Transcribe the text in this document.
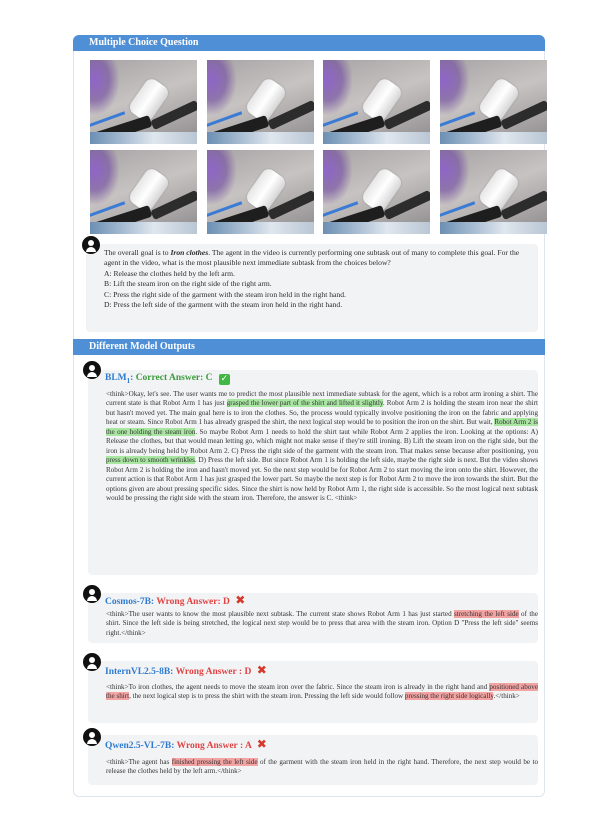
Multiple Choice Question

The overall goal is to Iron clothes. The agent in the video is currently performing one subtask out of many to complete this goal. For the agent in the video, what is the most plausible next immediate subtask from the choices below?

A: Release the clothes held by the left arm.

B: Lift the steam iron on the right side of the right arm.

C: Press the right side of the garment with the steam iron held in the right hand.

D: Press the left side of the garment with the steam iron held in the right hand.

Different Model Outputs
$BLM_1$: Correct Answer: C ✓
<think>Okay, let's see. The user wants me to predict the most plausible next immediate subtask for the agent, which is a robot arm ironing a shirt. The current state is that Robot Arm 1 has just grasped the lower part of the shirt and lifted it slightly. Robot Arm 2 is holding the steam iron near the shirt but hasn't moved yet. The main goal here is to iron the clothes. So, the process would typically involve positioning the iron on the fabric and applying heat or steam. Since Robot Arm 1 has already grasped the shirt, the next logical step would be to position the iron on the shirt. But wait, Robot Arm 2 is the one holding the steam iron. So maybe Robot Arm 1 needs to hold the shirt taut while Robot Arm 2 applies the iron. Looking at the options: A) Release the clothes, but that would mean letting go, which might not make sense if they're still ironing. B) Lift the steam iron on the right side, but the iron is already being held by Robot Arm 2. C) Press the right side of the garment with the steam iron. That makes sense because after positioning, you press down to smooth wrinkles. D) Press the left side. But since Robot Arm 1 is holding the left side, maybe the right side is next. But the video shows Robot Arm 2 is holding the iron and hasn't moved yet. So the next step would be for Robot Arm 2 to start moving the iron onto the shirt. However, the current action is that Robot Arm 1 has just grasped the lower part. So maybe the next step is for Robot Arm 2 to move the iron towards the shirt. But the options given are about pressing specific sides. Since the shirt is now held by Robot Arm 1, the right side is accessible. So the most logical next subtask would be pressing the right side with the steam iron. Therefore, the answer is C. <think>
Cosmos-7B: Wrong Answer: D ✖
<think>The user wants to know the most plausible next subtask. The current state shows Robot Arm 1 has just started stretching the left side of the shirt. Since the left side is being stretched, the logical next step would be to press that area with the steam iron. Option D "Press the left side" seems right.</think>
InternVL2.5-8B: Wrong Answer : D ✖
<think>To iron clothes, the agent needs to move the steam iron over the fabric. Since the steam iron is already in the right hand and positioned above the shirt, the next logical step is to press the shirt with the steam iron. Pressing the left side would follow pressing the right side logically.</think>
Qwen2.5-VL-7B: Wrong Answer : A ✖
<think>The agent has finished pressing the left side of the garment with the steam iron held in the right hand. Therefore, the next step would be to release the clothes held by the left arm.</think>
